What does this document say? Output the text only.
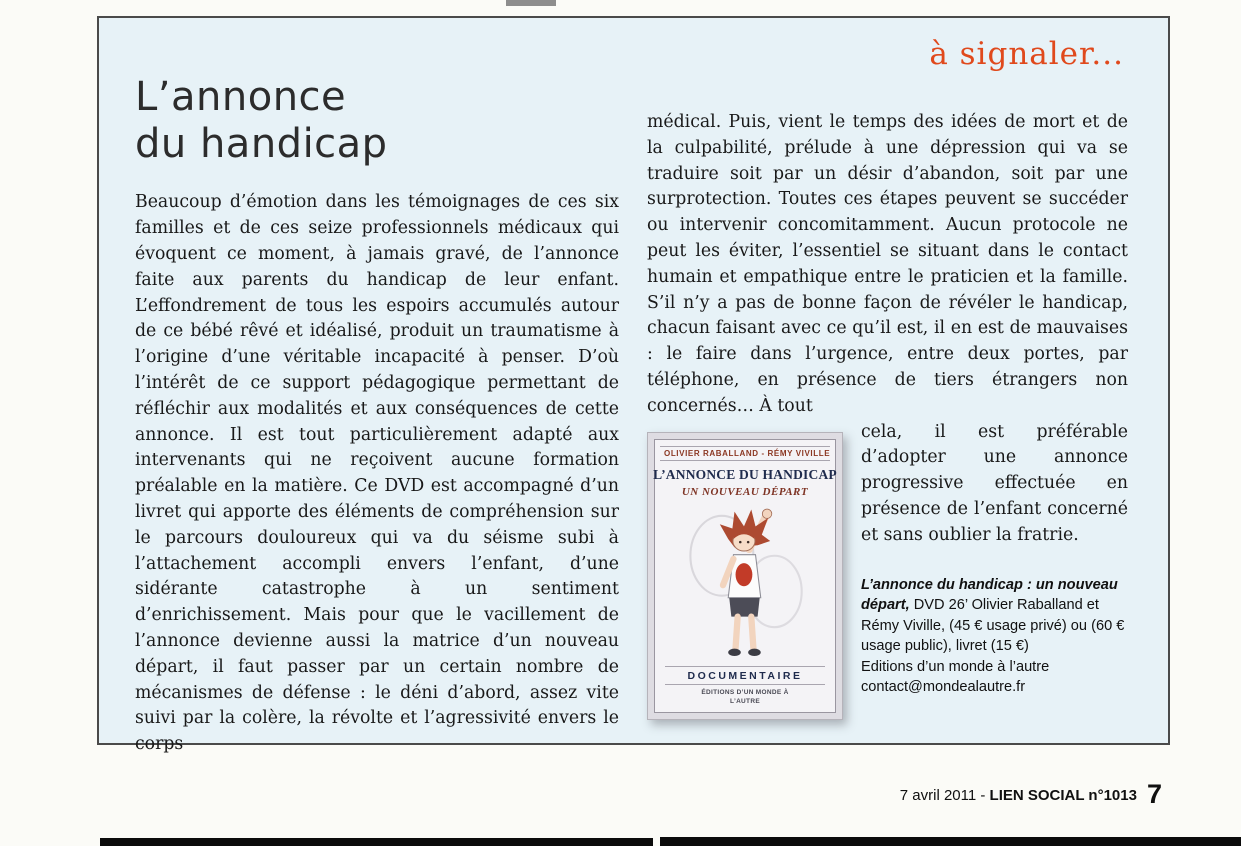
à signaler...
L’annonce
du handicap

Beaucoup d’émotion dans les témoignages de ces six familles et de ces seize professionnels médicaux qui évoquent ce moment, à jamais gravé, de l’annonce faite aux parents du handicap de leur enfant. L’effondrement de tous les espoirs accumulés autour de ce bébé rêvé et idéalisé, produit un traumatisme à l’origine d’une véritable incapacité à penser. D’où l’intérêt de ce support pédagogique permettant de réfléchir aux modalités et aux conséquences de cette annonce. Il est tout particulièrement adapté aux intervenants qui ne reçoivent aucune formation préalable en la matière. Ce DVD est accompagné d’un livret qui apporte des éléments de compréhension sur le parcours douloureux qui va du séisme subi à l’attachement accompli envers l’enfant, d’une sidérante catastrophe à un sentiment d’enrichissement. Mais pour que le vacillement de l’annonce devienne aussi la matrice d’un nouveau départ, il faut passer par un certain nombre de mécanismes de défense : le déni d’abord, assez vite suivi par la colère, la révolte et l’agressivité envers le corps

médical. Puis, vient le temps des idées de mort et de la culpabilité, prélude à une dépression qui va se traduire soit par un désir d’abandon, soit par une surprotection. Toutes ces étapes peuvent se succéder ou intervenir concomitamment. Aucun protocole ne peut les éviter, l’essentiel se situant dans le contact humain et empathique entre le praticien et la famille. S’il n’y a pas de bonne façon de révéler le handicap, chacun faisant avec ce qu’il est, il en est de mauvaises : le faire dans l’urgence, entre deux portes, par téléphone, en présence de tiers étrangers non concernés… À tout

OLIVIER RABALLAND - RÉMY VIVILLE
L’ANNONCE DU HANDICAP
UN NOUVEAU DÉPART
DOCUMENTAIRE
ÉDITIONS D’UN MONDE À L’AUTRE

cela, il est préférable d’adopter une annonce progressive effectuée en présence de l’enfant concerné et sans oublier la fratrie.

L’annonce du handicap : un nouveau départ, DVD 26’ Olivier Raballand et Rémy Viville, (45 € usage privé) ou (60 € usage public), livret (15 €)

Editions d’un monde à l’autre

contact@mondealautre.fr

7 avril 2011 - LIEN SOCIAL n°1013 7
